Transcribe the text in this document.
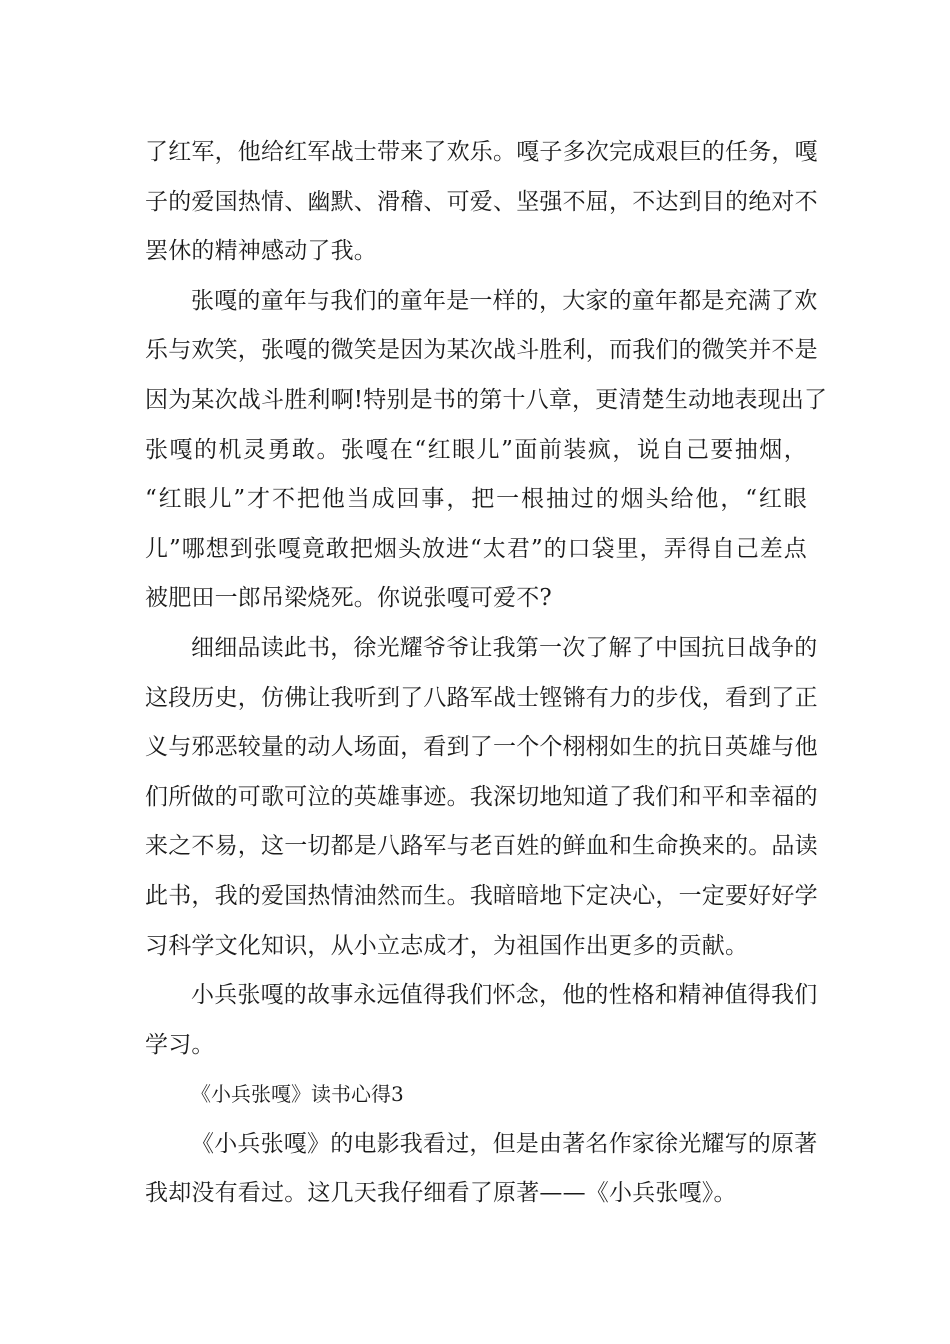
了红军，他给红军战士带来了欢乐。嘎子多次完成艰巨的任务，嘎
子的爱国热情、幽默、滑稽、可爱、坚强不屈，不达到目的绝对不
罢休的精神感动了我。
张嘎的童年与我们的童年是一样的，大家的童年都是充满了欢
乐与欢笑，张嘎的微笑是因为某次战斗胜利，而我们的微笑并不是
因为某次战斗胜利啊!特别是书的第十八章，更清楚生动地表现出了
张嘎的机灵勇敢。张嘎在“红眼儿”面前装疯，说自己要抽烟，
“红眼儿”才不把他当成回事，把一根抽过的烟头给他，“红眼
儿”哪想到张嘎竟敢把烟头放进“太君”的口袋里，弄得自己差点
被肥田一郎吊梁烧死。你说张嘎可爱不?
细细品读此书，徐光耀爷爷让我第一次了解了中国抗日战争的
这段历史，仿佛让我听到了八路军战士铿锵有力的步伐，看到了正
义与邪恶较量的动人场面，看到了一个个栩栩如生的抗日英雄与他
们所做的可歌可泣的英雄事迹。我深切地知道了我们和平和幸福的
来之不易，这一切都是八路军与老百姓的鲜血和生命换来的。品读
此书，我的爱国热情油然而生。我暗暗地下定决心，一定要好好学
习科学文化知识，从小立志成才，为祖国作出更多的贡献。
小兵张嘎的故事永远值得我们怀念，他的性格和精神值得我们
学习。
《小兵张嘎》读书心得3
《小兵张嘎》的电影我看过，但是由著名作家徐光耀写的原著
我却没有看过。这几天我仔细看了原著——《小兵张嘎》。
